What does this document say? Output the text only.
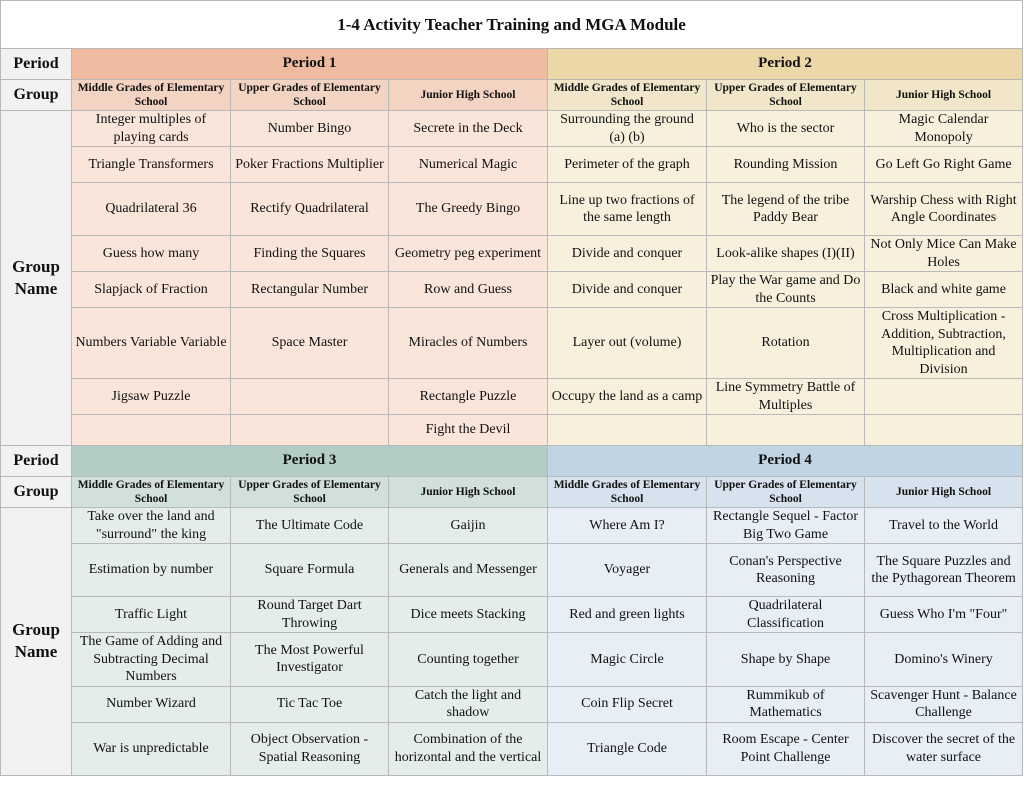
1-4 Activity Teacher Training and MGA Module						
Period	Period 1			Period 2		
Group	Middle Grades of Elementary School	Upper Grades of Elementary School	Junior High School	Middle Grades of Elementary School	Upper Grades of Elementary School	Junior High School
Group Name	Integer multiples of playing cards	Number Bingo	Secrete in the Deck	Surrounding the ground (a) (b)	Who is the sector	Magic Calendar Monopoly
	Triangle Transformers	Poker Fractions Multiplier	Numerical Magic	Perimeter of the graph	Rounding Mission	Go Left Go Right Game
	Quadrilateral 36	Rectify Quadrilateral	The Greedy Bingo	Line up two fractions of the same length	The legend of the tribe Paddy Bear	Warship Chess with Right Angle Coordinates
	Guess how many	Finding the Squares	Geometry peg experiment	Divide and conquer	Look-alike shapes (I)(II)	Not Only Mice Can Make Holes
	Slapjack of Fraction	Rectangular Number	Row and Guess	Divide and conquer	Play the War game and Do the Counts	Black and white game
	Numbers Variable Variable	Space Master	Miracles of Numbers	Layer out (volume)	Rotation	Cross Multiplication - Addition, Subtraction, Multiplication and Division
	Jigsaw Puzzle		Rectangle Puzzle	Occupy the land as a camp	Line Symmetry Battle of Multiples	
			Fight the Devil			
Period	Period 3			Period 4		
Group	Middle Grades of Elementary School	Upper Grades of Elementary School	Junior High School	Middle Grades of Elementary School	Upper Grades of Elementary School	Junior High School
Group Name	Take over the land and "surround" the king	The Ultimate Code	Gaijin	Where Am I?	Rectangle Sequel - Factor Big Two Game	Travel to the World
	Estimation by number	Square Formula	Generals and Messenger	Voyager	Conan's Perspective Reasoning	The Square Puzzles and the Pythagorean Theorem
	Traffic Light	Round Target Dart Throwing	Dice meets Stacking	Red and green lights	Quadrilateral Classification	Guess Who I'm "Four"
	The Game of Adding and Subtracting Decimal Numbers	The Most Powerful Investigator	Counting together	Magic Circle	Shape by Shape	Domino's Winery
	Number Wizard	Tic Tac Toe	Catch the light and shadow	Coin Flip Secret	Rummikub of Mathematics	Scavenger Hunt - Balance Challenge
	War is unpredictable	Object Observation - Spatial Reasoning	Combination of the horizontal and the vertical	Triangle Code	Room Escape - Center Point Challenge	Discover the secret of the water surface
